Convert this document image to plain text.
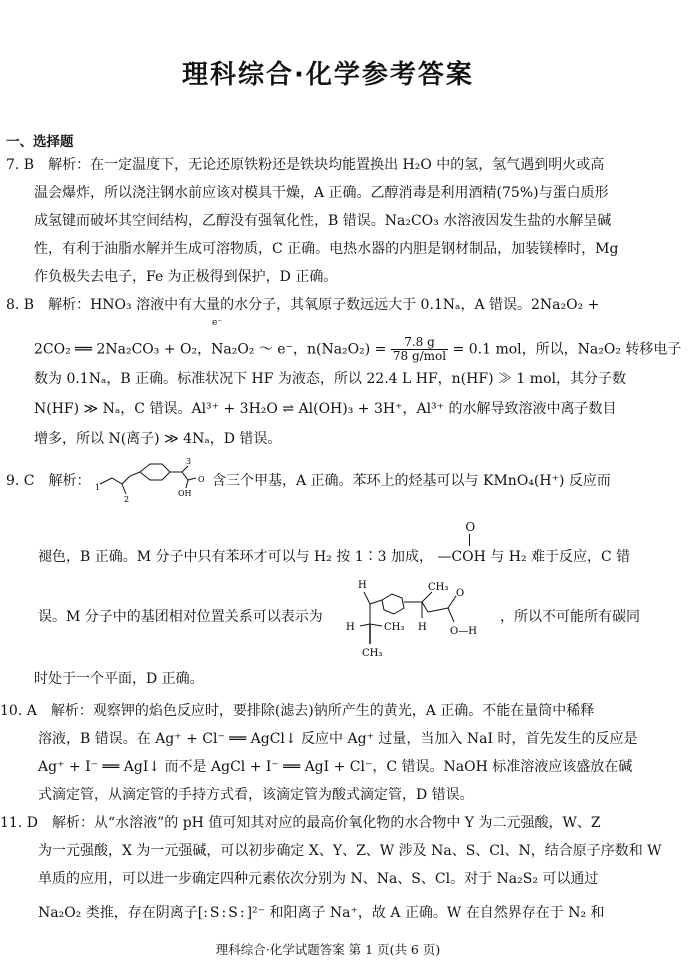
理科综合·化学参考答案
一、选择题
7. B　解析：在一定温度下，无论还原铁粉还是铁块均能置换出 H₂O 中的氢，氢气遇到明火或高
温会爆炸，所以浇注钢水前应该对模具干燥，A 正确。乙醇消毒是利用酒精(75%)与蛋白质形
成氢键而破坏其空间结构，乙醇没有强氧化性，B 错误。Na₂CO₃ 水溶液因发生盐的水解呈碱
性，有利于油脂水解并生成可溶物质，C 正确。电热水器的内胆是钢材制品，加装镁棒时，Mg
作负极失去电子，Fe 为正极得到保护，D 正确。
8. B　解析：HNO₃ 溶液中有大量的水分子，其氧原子数远远大于 0.1Nₐ，A 错误。2Na₂O₂ +
2CO₂ ══ 2Na₂CO₃ + O₂，Na₂O₂ ～ e⁻，$n(Na_2O_2) = \frac{7.8 g}{\text{78 g/mol}} = 0.1$ mol，所以，Na₂O₂ 转移电子
e⁻
数为 0.1Nₐ，B 正确。标准状况下 HF 为液态，所以 22.4 L HF，n(HF) ≫ 1 mol，其分子数
N(HF) ≫ Nₐ，C 错误。Al³⁺ + 3H₂O ⇌ Al(OH)₃ + 3H⁺，Al³⁺ 的水解导致溶液中离子数目
增多，所以 N(离子) ≫ 4Nₐ，D 错误。
9. C　解析： 1
2
3
OH
O 含三个甲基，A 正确。苯环上的烃基可以与 KMnO₄(H⁺) 反应而
褪色，B 正确。M 分子中只有苯环才可以与 H₂ 按 1∶3 加成，
O
—COH 与 H₂ 难于反应，C 错
误。M 分子中的基团相对位置关系可以表示为
H	CH₃
H	CH₃ H
O
O—H
CH₃
，所以不可能所有碳同
时处于一个平面，D 正确。
10. A　解析：观察钾的焰色反应时，要排除(滤去)钠所产生的黄光，A 正确。不能在量筒中稀释
溶液，B 错误。在 Ag⁺ + Cl⁻ ══ AgCl↓ 反应中 Ag⁺ 过量，当加入 NaI 时，首先发生的反应是
Ag⁺ + I⁻ ══ AgI↓ 而不是 AgCl + I⁻ ══ AgI + Cl⁻，C 错误。NaOH 标准溶液应该盛放在碱
式滴定管，从滴定管的手持方式看，该滴定管为酸式滴定管，D 错误。
11. D　解析：从“水溶液”的 pH 值可知其对应的最高价氧化物的水合物中 Y 为二元强酸，W、Z
为一元强酸，X 为一元强碱，可以初步确定 X、Y、Z、W 涉及 Na、S、Cl、N，结合原子序数和 W
单质的应用，可以进一步确定四种元素依次分别为 N、Na、S、Cl。对于 Na₂S₂ 可以通过
Na₂O₂ 类推，存在阴离子[:S:S:]²⁻ 和阳离子 Na⁺，故 A 正确。W 在自然界存在于 N₂ 和
理科综合·化学试题答案 第 1 页(共 6 页)
